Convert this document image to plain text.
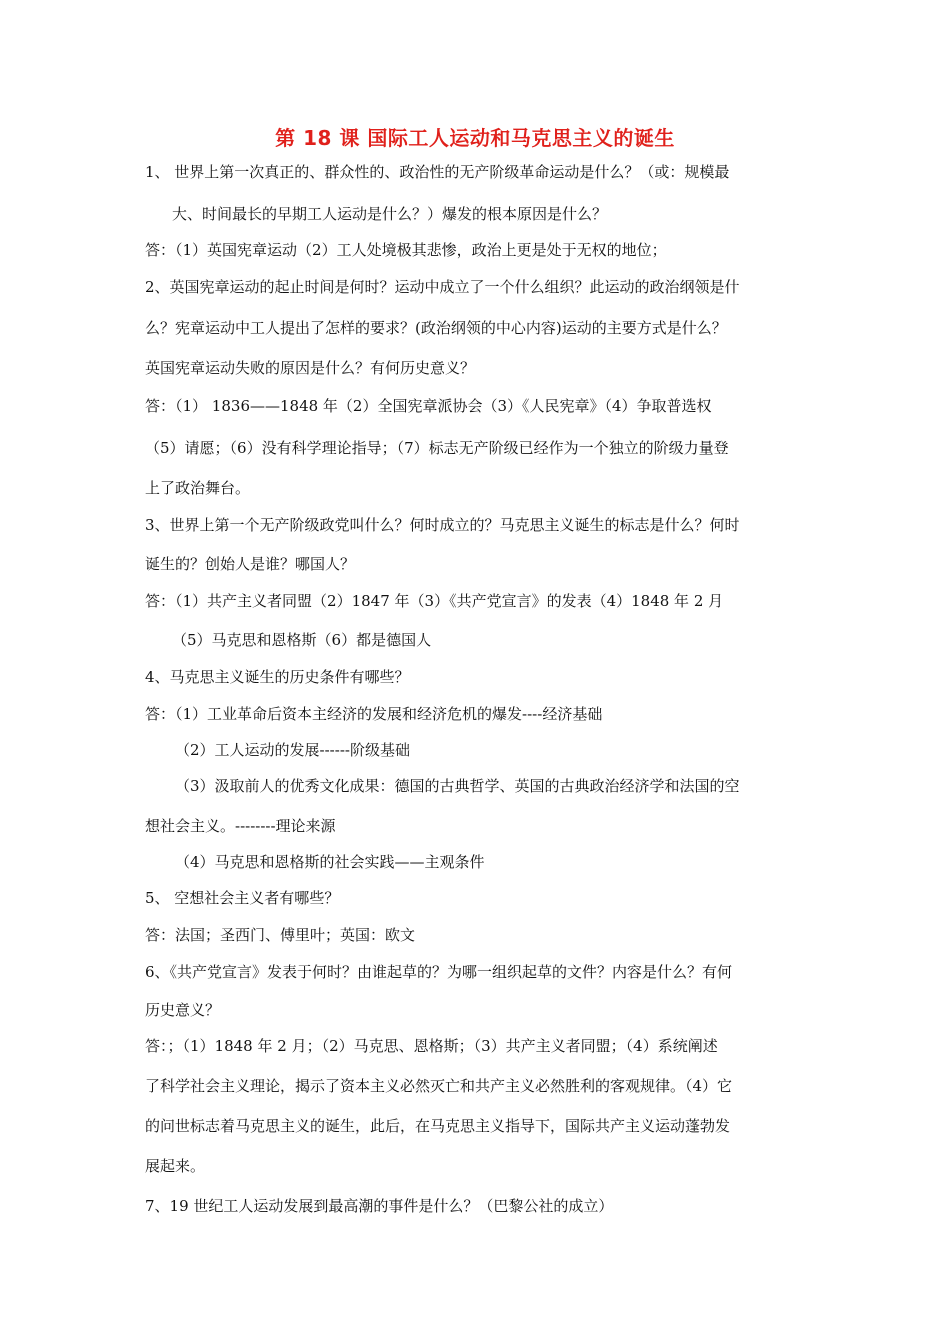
第 18 课 国际工人运动和马克思主义的诞生
1、 世界上第一次真正的、群众性的、政治性的无产阶级革命运动是什么？（或：规模最
大、时间最长的早期工人运动是什么？）爆发的根本原因是什么？
答：（1）英国宪章运动（2）工人处境极其悲惨，政治上更是处于无权的地位；
2、英国宪章运动的起止时间是何时？运动中成立了一个什么组织？此运动的政治纲领是什
么？宪章运动中工人提出了怎样的要求？(政治纲领的中心内容)运动的主要方式是什么？
英国宪章运动失败的原因是什么？有何历史意义？
答：（1） 1836——1848 年（2）全国宪章派协会（3）《人民宪章》（4）争取普选权
（5）请愿；（6）没有科学理论指导；（7）标志无产阶级已经作为一个独立的阶级力量登
上了政治舞台。
3、世界上第一个无产阶级政党叫什么？何时成立的？马克思主义诞生的标志是什么？何时
诞生的？创始人是谁？哪国人？
答：（1）共产主义者同盟（2）1847 年（3）《共产党宣言》的发表（4）1848 年 2 月
（5）马克思和恩格斯（6）都是德国人
4、马克思主义诞生的历史条件有哪些？
答：（1）工业革命后资本主经济的发展和经济危机的爆发----经济基础
（2）工人运动的发展------阶级基础
（3）汲取前人的优秀文化成果：德国的古典哲学、英国的古典政治经济学和法国的空
想社会主义。--------理论来源
（4）马克思和恩格斯的社会实践——主观条件
5、 空想社会主义者有哪些？
答：法国；圣西门、傅里叶；英国：欧文
6、《共产党宣言》发表于何时？由谁起草的？为哪一组织起草的文件？内容是什么？有何
历史意义？
答：；（1）1848 年 2 月；（2）马克思、恩格斯；（3）共产主义者同盟；（4）系统阐述
了科学社会主义理论，揭示了资本主义必然灭亡和共产主义必然胜利的客观规律。（4）它
的问世标志着马克思主义的诞生，此后，在马克思主义指导下，国际共产主义运动蓬勃发
展起来。
7、19 世纪工人运动发展到最高潮的事件是什么？（巴黎公社的成立）
